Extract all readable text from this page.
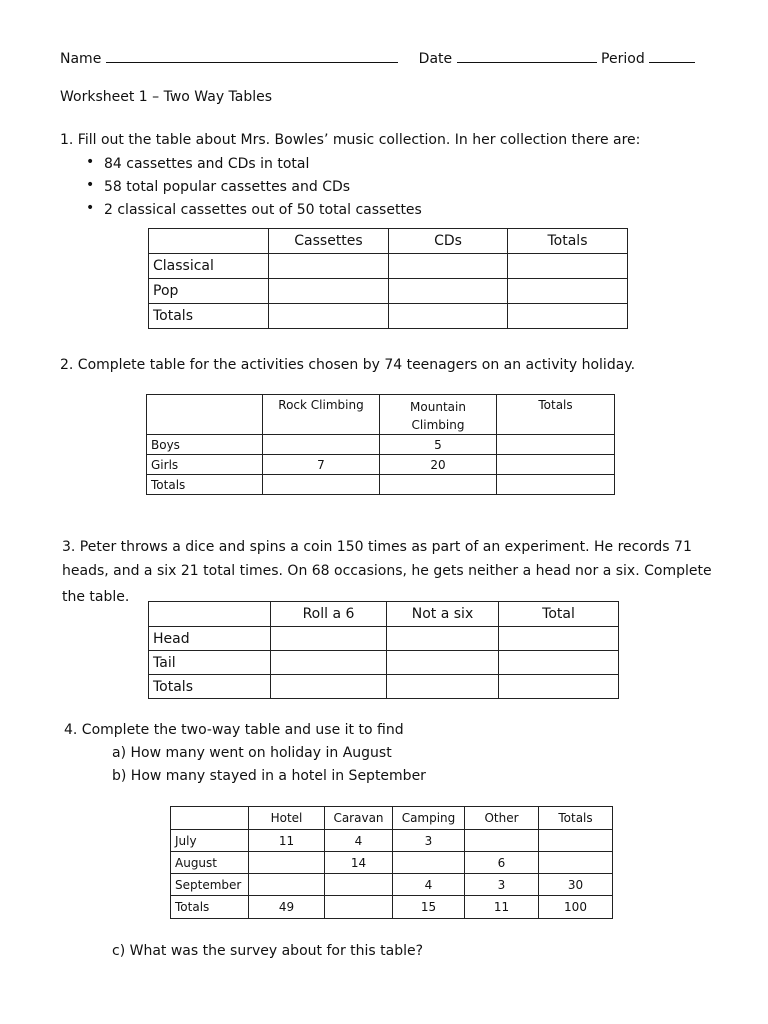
Name	Date	Period
Worksheet 1 – Two Way Tables
1. Fill out the table about Mrs. Bowles’ music collection. In her collection there are:
• 84 cassettes and CDs in total
• 58 total popular cassettes and CDs
• 2 classical cassettes out of 50 total cassettes
	Cassettes	CDs	Totals
Classical			
Pop			
Totals			
2. Complete table for the activities chosen by 74 teenagers on an activity holiday.
	Rock Climbing	Mountain Climbing	Totals
Boys		5	
Girls	7	20	
Totals			
3. Peter throws a dice and spins a coin 150 times as part of an experiment. He records 71
heads, and a six 21 total times. On 68 occasions, he gets neither a head nor a six. Complete
the table.
	Roll a 6	Not a six	Total
Head			
Tail			
Totals			
4. Complete the two-way table and use it to find
a) How many went on holiday in August
b) How many stayed in a hotel in September
	Hotel	Caravan	Camping	Other	Totals
July	11	4	3		
August		14		6	
September			4	3	30
Totals	49		15	11	100
c) What was the survey about for this table?
